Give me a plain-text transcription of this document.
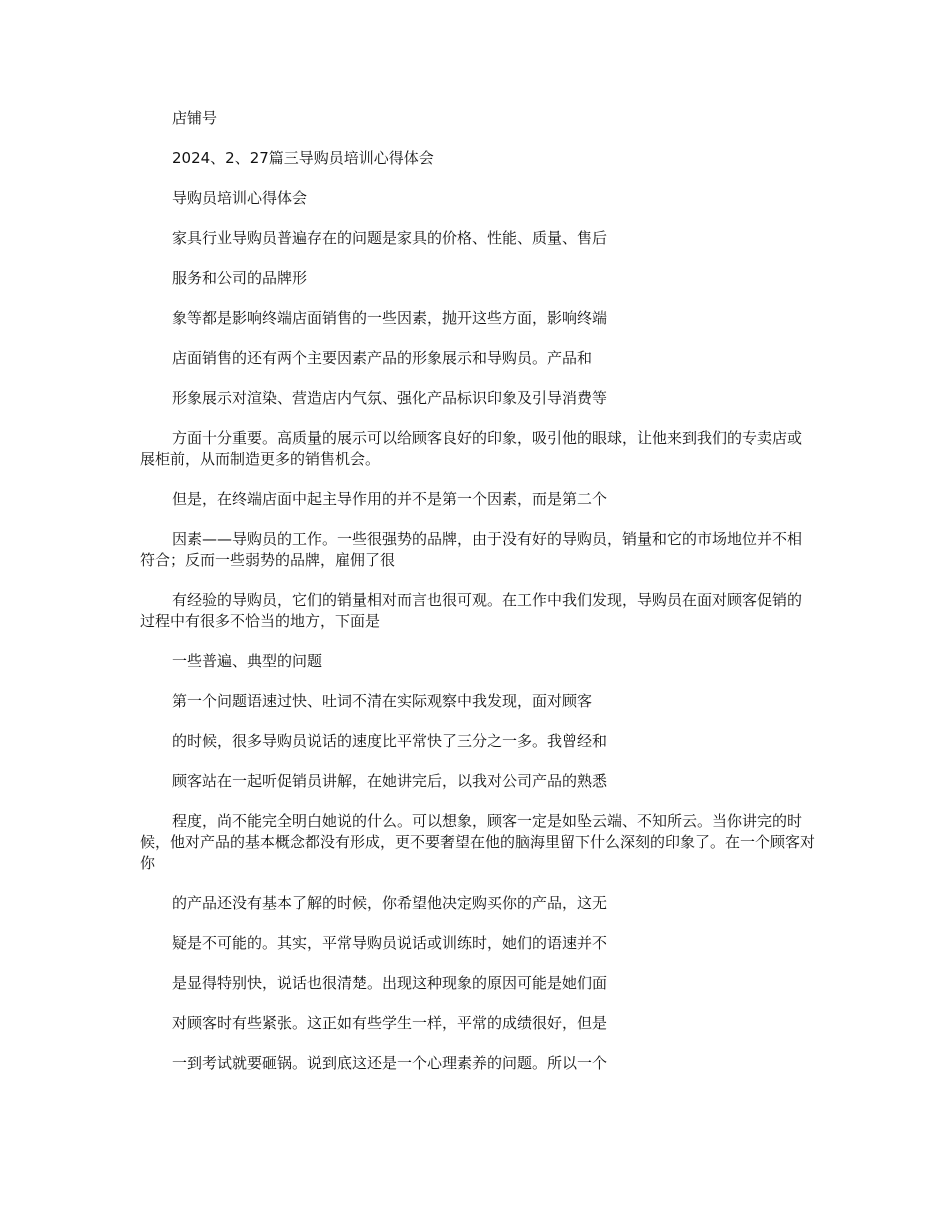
店铺号

2024、2、27篇三导购员培训心得体会

导购员培训心得体会

家具行业导购员普遍存在的问题是家具的价格、性能、质量、售后

服务和公司的品牌形

象等都是影响终端店面销售的一些因素，抛开这些方面，影响终端

店面销售的还有两个主要因素产品的形象展示和导购员。产品和

形象展示对渲染、营造店内气氛、强化产品标识印象及引导消费等

方面十分重要。高质量的展示可以给顾客良好的印象，吸引他的眼球，让他来到我们的专卖店或展柜前，从而制造更多的销售机会。

但是，在终端店面中起主导作用的并不是第一个因素，而是第二个

因素——导购员的工作。一些很强势的品牌，由于没有好的导购员，销量和它的市场地位并不相符合；反而一些弱势的品牌，雇佣了很

有经验的导购员，它们的销量相对而言也很可观。在工作中我们发现，导购员在面对顾客促销的过程中有很多不恰当的地方，下面是

一些普遍、典型的问题

第一个问题语速过快、吐词不清在实际观察中我发现，面对顾客

的时候，很多导购员说话的速度比平常快了三分之一多。我曾经和

顾客站在一起听促销员讲解，在她讲完后，以我对公司产品的熟悉

程度，尚不能完全明白她说的什么。可以想象，顾客一定是如坠云端、不知所云。当你讲完的时候，他对产品的基本概念都没有形成，更不要奢望在他的脑海里留下什么深刻的印象了。在一个顾客对你

的产品还没有基本了解的时候，你希望他决定购买你的产品，这无

疑是不可能的。其实，平常导购员说话或训练时，她们的语速并不

是显得特别快，说话也很清楚。出现这种现象的原因可能是她们面

对顾客时有些紧张。这正如有些学生一样，平常的成绩很好，但是

一到考试就要砸锅。说到底这还是一个心理素养的问题。所以一个
